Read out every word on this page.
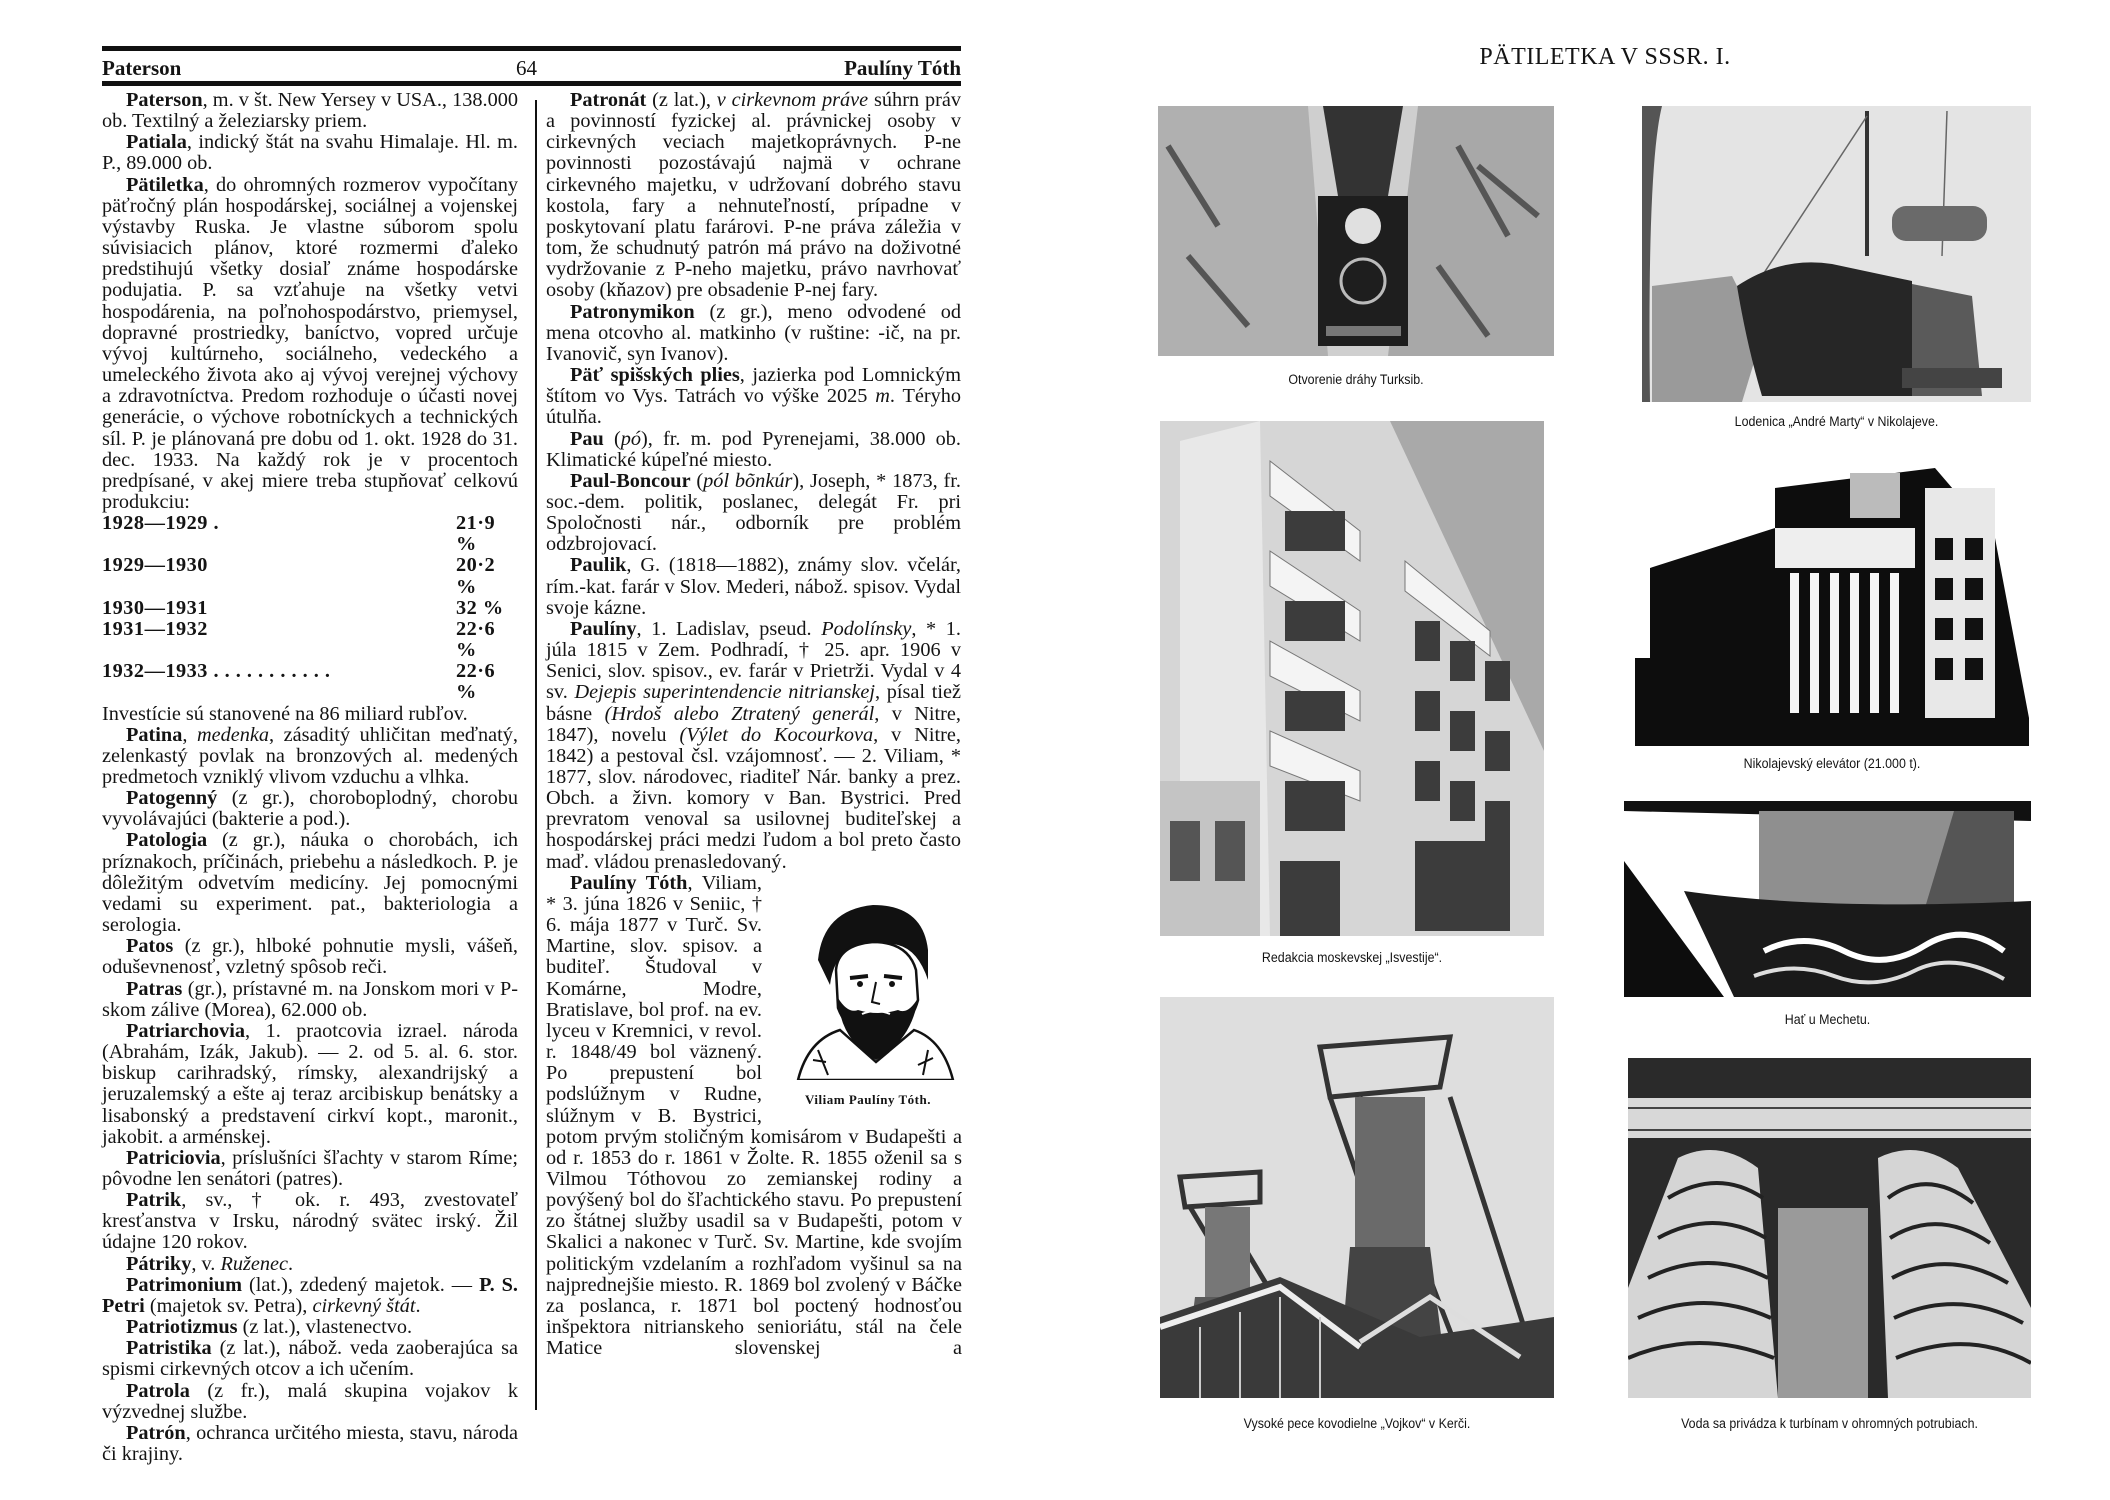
Paterson	64	Paulíny Tóth

Paterson, m. v št. New Yersey v USA., 138.000 ob. Textilný a železiarsky priem.

Patiala, indický štát na svahu Himalaje. Hl. m. P., 89.000 ob.

Pätiletka, do ohromných rozmerov vypočítany päťročný plán hospodárskej, sociálnej a vojenskej výstavby Ruska. Je vlastne súborom spolu súvisiacich plánov, ktoré rozmermi ďaleko predstihujú všetky dosiaľ známe hospodárske podujatia. P. sa vzťahuje na všetky vetvi hospodárenia, na poľnohospodárstvo, priemysel, dopravné prostriedky, baníctvo, vopred určuje vývoj kultúrneho, sociálneho, vedeckého a umeleckého života ako aj vývoj verejnej výchovy a zdravotníctva. Predom rozhoduje o účasti novej generácie, o výchove robotníckych a technických síl. P. je plánovaná pre dobu od 1. okt. 1928 do 31. dec. 1933. Na každý rok je v procentoch predpísané, v akej miere treba stupňovať celkovú produkciu:

1928—1929 .	21·9 %
1929—1930	20·2 %
1930—1931	32 %
1931—1932	22·6 %
1932—1933 . . . . . . . . . . .	22·6 %

Investície sú stanovené na 86 miliard rubľov.

Patina, medenka, zásaditý uhličitan meďnatý, zelenkastý povlak na bronzových al. medených predmetoch vzniklý vlivom vzduchu a vlhka.

Patogenný (z gr.), choroboplodný, chorobu vyvolávajúci (bakterie a pod.).

Patologia (z gr.), náuka o chorobách, ich príznakoch, príčinách, priebehu a následkoch. P. je dôležitým odvetvím medicíny. Jej pomocnými vedami su experiment. pat., bakteriologia a serologia.

Patos (z gr.), hlboké pohnutie mysli, vášeň, oduševnenosť, vzletný spôsob reči.

Patras (gr.), prístavné m. na Jonskom mori v P-skom zálive (Morea), 62.000 ob.

Patriarchovia, 1. praotcovia izrael. národa (Abrahám, Izák, Jakub). — 2. od 5. al. 6. stor. biskup carihradský, rímsky, alexandrijský a jeruzalemský a ešte aj teraz arcibiskup benátsky a lisabonský a predstavení cirkví kopt., maronit., jakobit. a arménskej.

Patriciovia, príslušníci šľachty v starom Ríme; pôvodne len senátori (patres).

Patrik, sv., † ok. r. 493, zvestovateľ kresťanstva v Irsku, národný svätec irský. Žil údajne 120 rokov.

Pátriky, v. Ruženec.

Patrimonium (lat.), zdedený majetok. — P. S. Petri (majetok sv. Petra), cirkevný štát.

Patriotizmus (z lat.), vlastenectvo.

Patristika (z lat.), nábož. veda zaoberajúca sa spismi cirkevných otcov a ich učením.

Patrola (z fr.), malá skupina vojakov k výzvednej službe.

Patrón, ochranca určitého miesta, stavu, národa či krajiny.

Viliam Paulíny Tóth.

Patronát (z lat.), v cirkevnom práve súhrn práv a povinností fyzickej al. právnickej osoby v cirkevných veciach majetkoprávnych. P-ne povinnosti pozostávajú najmä v ochrane cirkevného majetku, v udržovaní dobrého stavu kostola, fary a nehnuteľností, prípadne v poskytovaní platu farárovi. P-ne práva záležia v tom, že schudnutý patrón má právo na doživotné vydržovanie z P-neho majetku, právo navrhovať osoby (kňazov) pre obsadenie P-nej fary.

Patronymikon (z gr.), meno odvodené od mena otcovho al. matkinho (v ruštine: -ič, na pr. Ivanovič, syn Ivanov).

Päť spišských plies, jazierka pod Lomnickým štítom vo Vys. Tatrách vo výške 2025 m. Téryho útulňa.

Pau (pó), fr. m. pod Pyrenejami, 38.000 ob. Klimatické kúpeľné miesto.

Paul-Boncour (pól bõnkúr), Joseph, * 1873, fr. soc.-dem. politik, poslanec, delegát Fr. pri Spoločnosti nár., odborník pre problém odzbrojovací.

Paulik, G. (1818—1882), známy slov. včelár, rím.-kat. farár v Slov. Mederi, nábož. spisov. Vydal svoje kázne.

Paulíny, 1. Ladislav, pseud. Podolínsky, * 1. júla 1815 v Zem. Podhradí, † 25. apr. 1906 v Senici, slov. spisov., ev. farár v Prietrži. Vydal v 4 sv. Dejepis superintendencie nitrianskej, písal tiež básne (Hrdoš alebo Ztratený generál, v Nitre, 1847), novelu (Výlet do Kocourkova, v Nitre, 1842) a pestoval čsl. vzájomnosť. — 2. Viliam, * 1877, slov. národovec, riaditeľ Nár. banky a prez. Obch. a živn. komory v Ban. Bystrici. Pred prevratom venoval sa usilovnej buditeľskej a hospodárskej práci medzi ľudom a bol preto často maď. vládou prenasledovaný.

Paulíny Tóth, Viliam, * 3. júna 1826 v Seniic, † 6. mája 1877 v Turč. Sv. Martine, slov. spisov. a buditeľ. Študoval v Komárne, Modre, Bratislave, bol prof. na ev. lyceu v Kremnici, v revol. r. 1848/49 bol väznený. Po prepustení bol podslúžnym v Rudne, slúžnym v B. Bystrici, potom prvým stoličným komisárom v Budapešti a od r. 1853 do r. 1861 v Žolte. R. 1855 oženil sa s Vilmou Tóthovou zo zemianskej rodiny a povýšený bol do šľachtického stavu. Po prepustení zo štátnej služby usadil sa v Budapešti, potom v Skalici a nakonec v Turč. Sv. Martine, kde svojím politickým vzdelaním a rozhľadom vyšinul sa na najprednejšie miesto. R. 1869 bol zvolený v Báčke za poslanca, r. 1871 bol poctený hodnosťou inšpektora nitrianskeho senioriátu, stál na čele Matice slovenskej a

PÄTILETKA V SSSR. I.
Otvorenie dráhy Turksib.
Lodenica „André Marty“ v Nikolajeve.
Redakcia moskevskej „Isvestije“.
Nikolajevský elevátor (21.000 t).
Hať u Mechetu.
Vysoké pece kovodielne „Vojkov“ v Kerči.	Voda sa privádza k turbínam v ohromných potrubiach.
